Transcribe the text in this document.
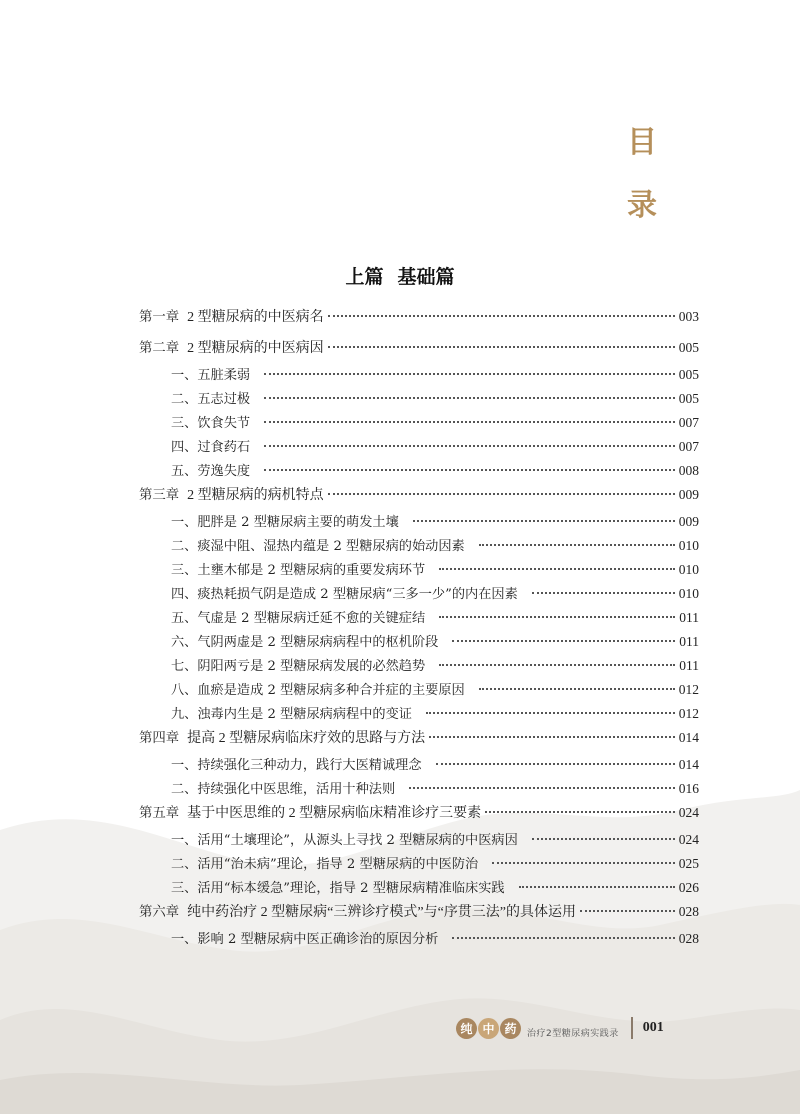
目
录
上篇 基础篇
第一章 2 型糖尿病的中医病名	003
第二章 2 型糖尿病的中医病因	005
一、五脏柔弱	005
二、五志过极	005
三、饮食失节	007
四、过食药石	007
五、劳逸失度	008
第三章 2 型糖尿病的病机特点	009
一、肥胖是 2 型糖尿病主要的萌发土壤	009
二、痰湿中阻、湿热内蕴是 2 型糖尿病的始动因素	010
三、土壅木郁是 2 型糖尿病的重要发病环节	010
四、痰热耗损气阴是造成 2 型糖尿病“三多一少”的内在因素	010
五、气虚是 2 型糖尿病迁延不愈的关键症结	011
六、气阴两虚是 2 型糖尿病病程中的枢机阶段	011
七、阴阳两亏是 2 型糖尿病发展的必然趋势	011
八、血瘀是造成 2 型糖尿病多种合并症的主要原因	012
九、浊毒内生是 2 型糖尿病病程中的变证	012
第四章 提高 2 型糖尿病临床疗效的思路与方法	014
一、持续强化三种动力，践行大医精诚理念	014
二、持续强化中医思维，活用十种法则	016
第五章 基于中医思维的 2 型糖尿病临床精准诊疗三要素	024
一、活用“土壤理论”，从源头上寻找 2 型糖尿病的中医病因	024
二、活用“治未病”理论，指导 2 型糖尿病的中医防治	025
三、活用“标本缓急”理论，指导 2 型糖尿病精准临床实践	026
第六章 纯中药治疗 2 型糖尿病“三辨诊疗模式”与“序贯三法”的具体运用	028
一、影响 2 型糖尿病中医正确诊治的原因分析	028
纯 中 药	治疗2型糖尿病实践录 001
